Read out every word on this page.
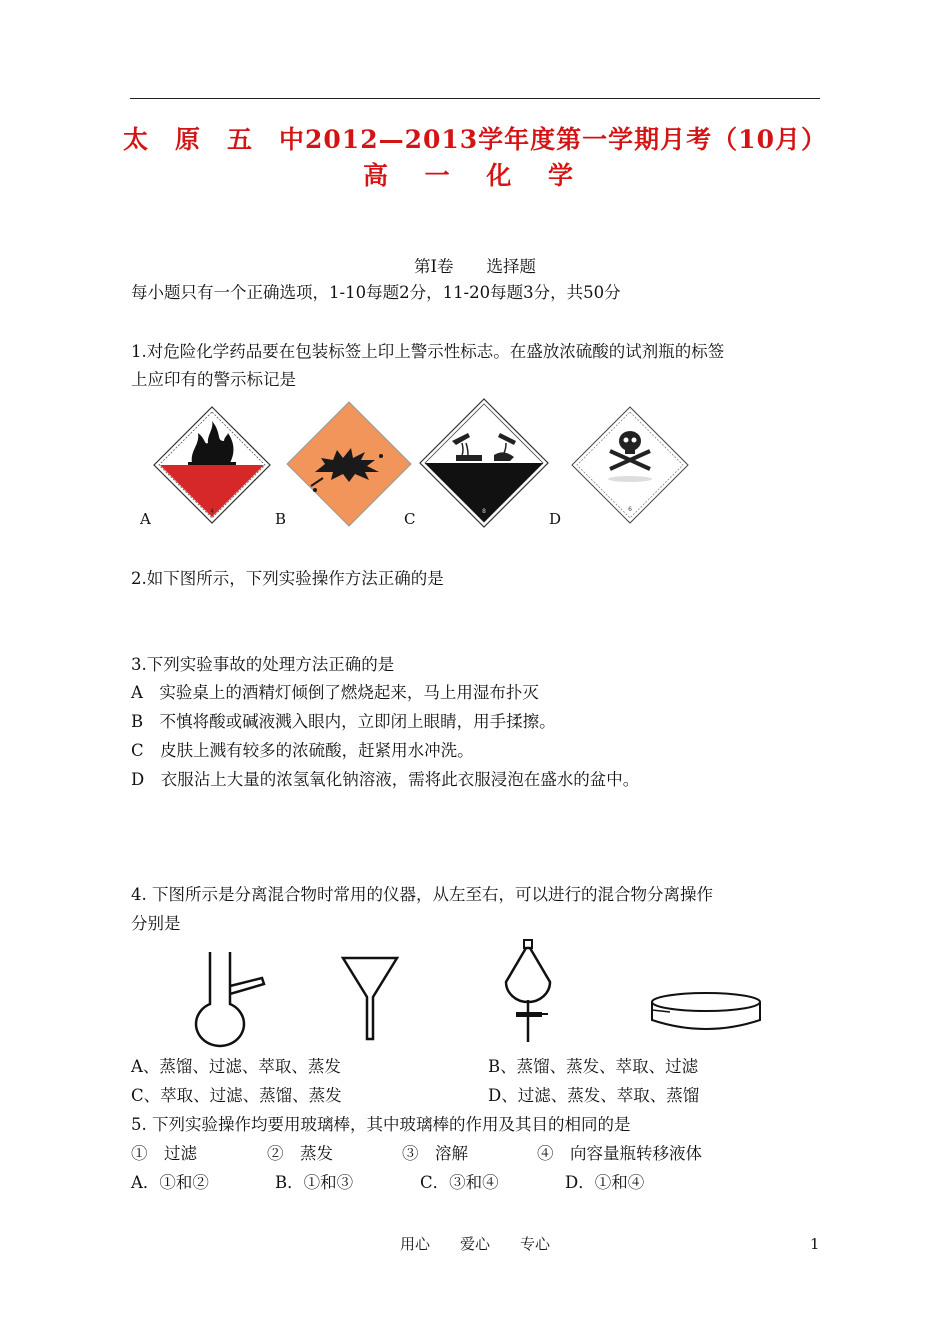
太　原　五　中2012—2013学年度第一学期月考（10月）
高 一 化 学
第Ⅰ卷　　选择题
每小题只有一个正确选项，1-10每题2分，11-20每题3分，共50分
1.对危险化学药品要在包装标签上印上警示性标志。在盛放浓硫酸的试剂瓶的标签
上应印有的警示标记是
4	8	6
A	B	C	D
2.如下图所示，下列实验操作方法正确的是
3.下列实验事故的处理方法正确的是
A　实验桌上的酒精灯倾倒了燃烧起来，马上用湿布扑灭
B　不慎将酸或碱液溅入眼内，立即闭上眼睛，用手揉擦。
C　皮肤上溅有较多的浓硫酸，赶紧用水冲洗。
D　衣服沾上大量的浓氢氧化钠溶液，需将此衣服浸泡在盛水的盆中。
4. 下图所示是分离混合物时常用的仪器，从左至右，可以进行的混合物分离操作
分别是
A、蒸馏、过滤、萃取、蒸发	B、蒸馏、蒸发、萃取、过滤
C、萃取、过滤、蒸馏、蒸发	D、过滤、蒸发、萃取、蒸馏
5. 下列实验操作均要用玻璃棒，其中玻璃棒的作用及其目的相同的是
①　过滤	②　蒸发	③　溶解	④　向容量瓶转移液体
A．①和②	B．①和③	C．③和④	D．①和④
用心　　爱心　　专心	1
